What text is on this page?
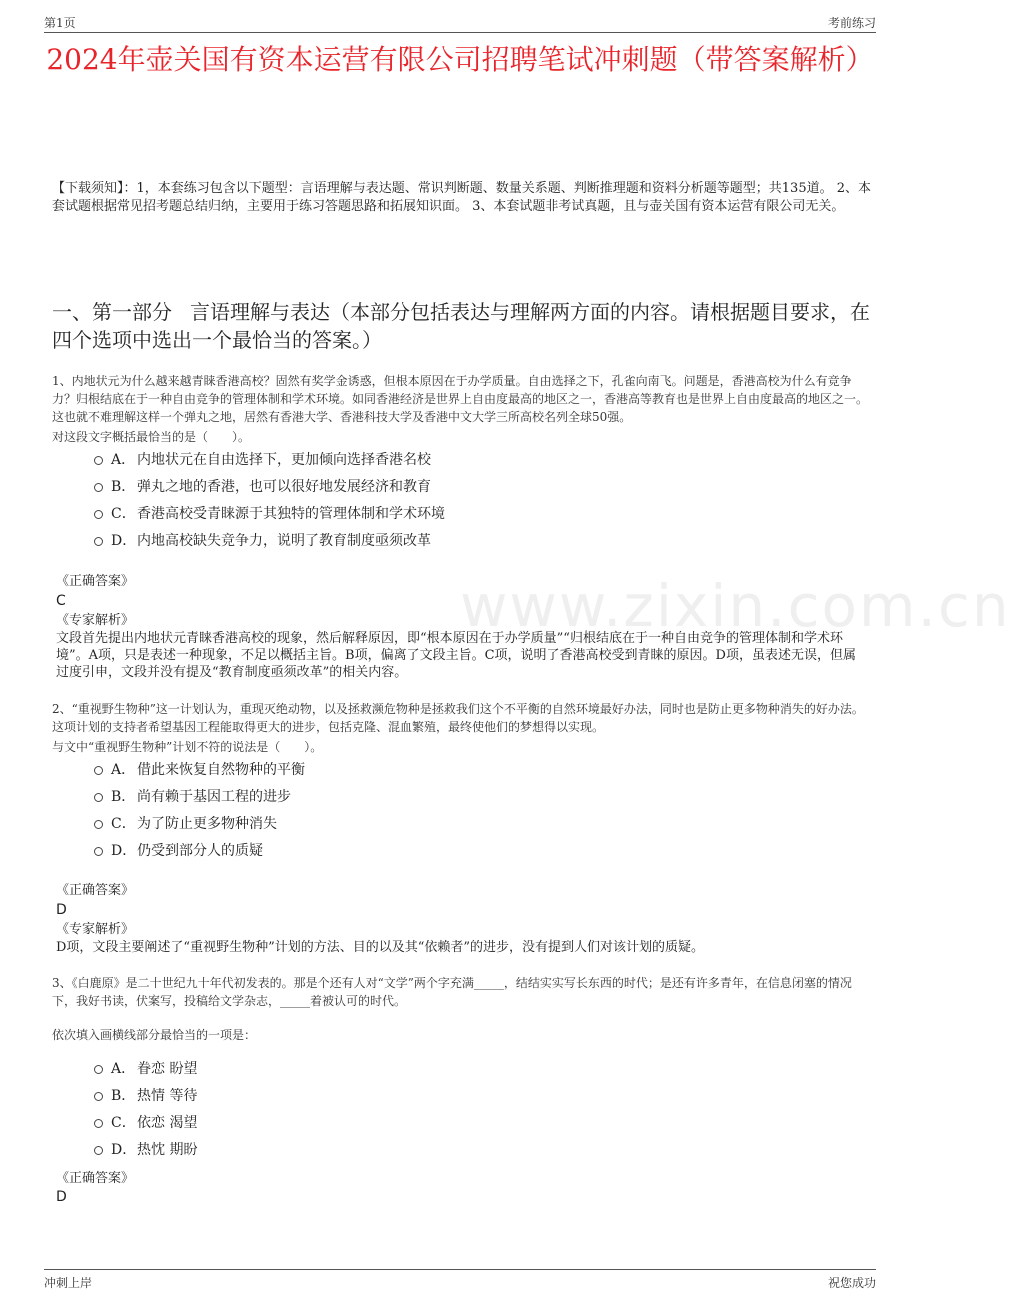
第1页	考前练习
www.zixin.com.cn
2024年壶关国有资本运营有限公司招聘笔试冲刺题（带答案解析）
【下载须知】：1，本套练习包含以下题型：言语理解与表达题、常识判断题、数量关系题、判断推理题和资料分析题等题型；共135道。 2、本套试题根据常见招考题总结归纳，主要用于练习答题思路和拓展知识面。 3、本套试题非考试真题，且与壶关国有资本运营有限公司无关。
一、第一部分 言语理解与表达（本部分包括表达与理解两方面的内容。请根据题目要求，在四个选项中选出一个最恰当的答案。）
1、内地状元为什么越来越青睐香港高校？固然有奖学金诱惑，但根本原因在于办学质量。自由选择之下，孔雀向南飞。问题是，香港高校为什么有竞争力？归根结底在于一种自由竞争的管理体制和学术环境。如同香港经济是世界上自由度最高的地区之一，香港高等教育也是世界上自由度最高的地区之一。这也就不难理解这样一个弹丸之地，居然有香港大学、香港科技大学及香港中文大学三所高校名列全球50强。
对这段文字概括最恰当的是（　　）。
A． 内地状元在自由选择下，更加倾向选择香港名校
B． 弹丸之地的香港，也可以很好地发展经济和教育
C．香港高校受青睐源于其独特的管理体制和学术环境
D．内地高校缺失竞争力，说明了教育制度亟须改革
《正确答案》
C
《专家解析》
文段首先提出内地状元青睐香港高校的现象，然后解释原因，即“根本原因在于办学质量”“归根结底在于一种自由竞争的管理体制和学术环境”。A项，只是表述一种现象，不足以概括主旨。B项，偏离了文段主旨。C项，说明了香港高校受到青睐的原因。D项，虽表述无误，但属过度引申，文段并没有提及“教育制度亟须改革”的相关内容。
2、“重视野生物种”这一计划认为，重现灭绝动物，以及拯救濒危物种是拯救我们这个不平衡的自然环境最好办法，同时也是防止更多物种消失的好办法。这项计划的支持者希望基因工程能取得更大的进步，包括克隆、混血繁殖，最终使他们的梦想得以实现。
与文中“重视野生物种”计划不符的说法是（　　）。
A． 借此来恢复自然物种的平衡
B． 尚有赖于基因工程的进步
C．为了防止更多物种消失
D．仍受到部分人的质疑
《正确答案》
D
《专家解析》
D项，文段主要阐述了“重视野生物种”计划的方法、目的以及其“依赖者”的进步，没有提到人们对该计划的质疑。
3、《白鹿原》是二十世纪九十年代初发表的。那是个还有人对“文学”两个字充满_____，结结实实写长东西的时代；是还有许多青年，在信息闭塞的情况下，我好书读，伏案写，投稿给文学杂志，_____着被认可的时代。
依次填入画横线部分最恰当的一项是：
A． 眷恋 盼望
B． 热情 等待
C．依恋 渴望
D．热忱 期盼
《正确答案》
D
冲刺上岸	祝您成功
